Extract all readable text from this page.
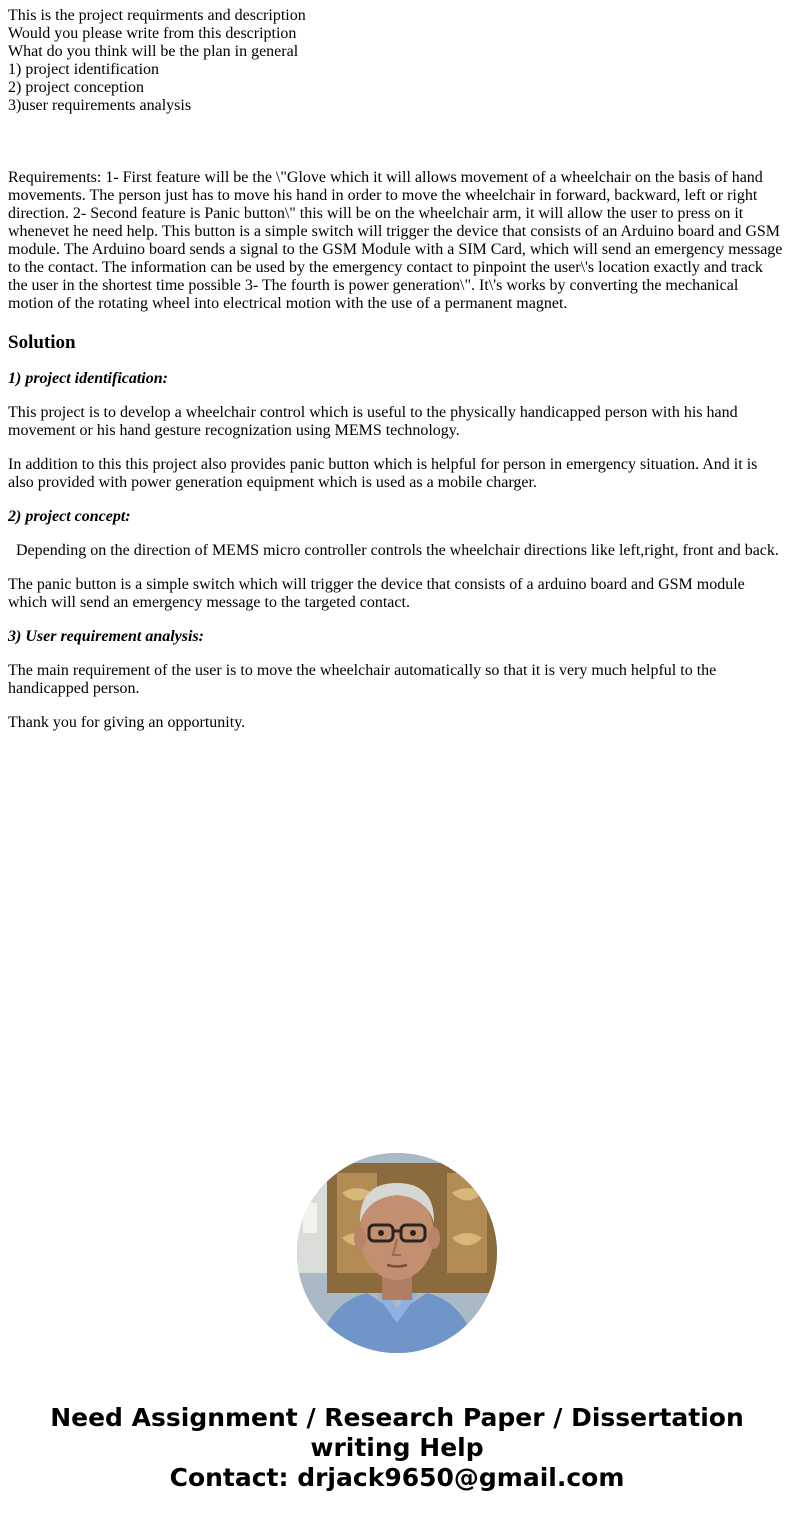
This is the project requirments and description
Would you please write from this description
What do you think will be the plan in general
1) project identification
2) project conception
3)user requirements analysis
Requirements: 1- First feature will be the \"Glove which it will allows movement of a wheelchair on the basis of hand movements. The person just has to move his hand in order to move the wheelchair in forward, backward, left or right direction. 2- Second feature is Panic button\" this will be on the wheelchair arm, it will allow the user to press on it whenevet he need help. This button is a simple switch will trigger the device that consists of an Arduino board and GSM module. The Arduino board sends a signal to the GSM Module with a SIM Card, which will send an emergency message to the contact. The information can be used by the emergency contact to pinpoint the user\'s location exactly and track the user in the shortest time possible 3- The fourth is power generation\". It\'s works by converting the mechanical motion of the rotating wheel into electrical motion with the use of a permanent magnet.
Solution

1) project identification:

This project is to develop a wheelchair control which is useful to the physically handicapped person with his hand movement or his hand gesture recognization using MEMS technology.

In addition to this this project also provides panic button which is helpful for person in emergency situation. And it is also provided with power generation equipment which is used as a mobile charger.

2) project concept:

Depending on the direction of MEMS micro controller controls the wheelchair directions like left,right, front and back.

The panic button is a simple switch which will trigger the device that consists of a arduino board and GSM module which will send an emergency message to the targeted contact.

3) User requirement analysis:

The main requirement of the user is to move the wheelchair automatically so that it is very much helpful to the handicapped person.

Thank you for giving an opportunity.

Need Assignment / Research Paper / Dissertation
writing Help
Contact: drjack9650@gmail.com
